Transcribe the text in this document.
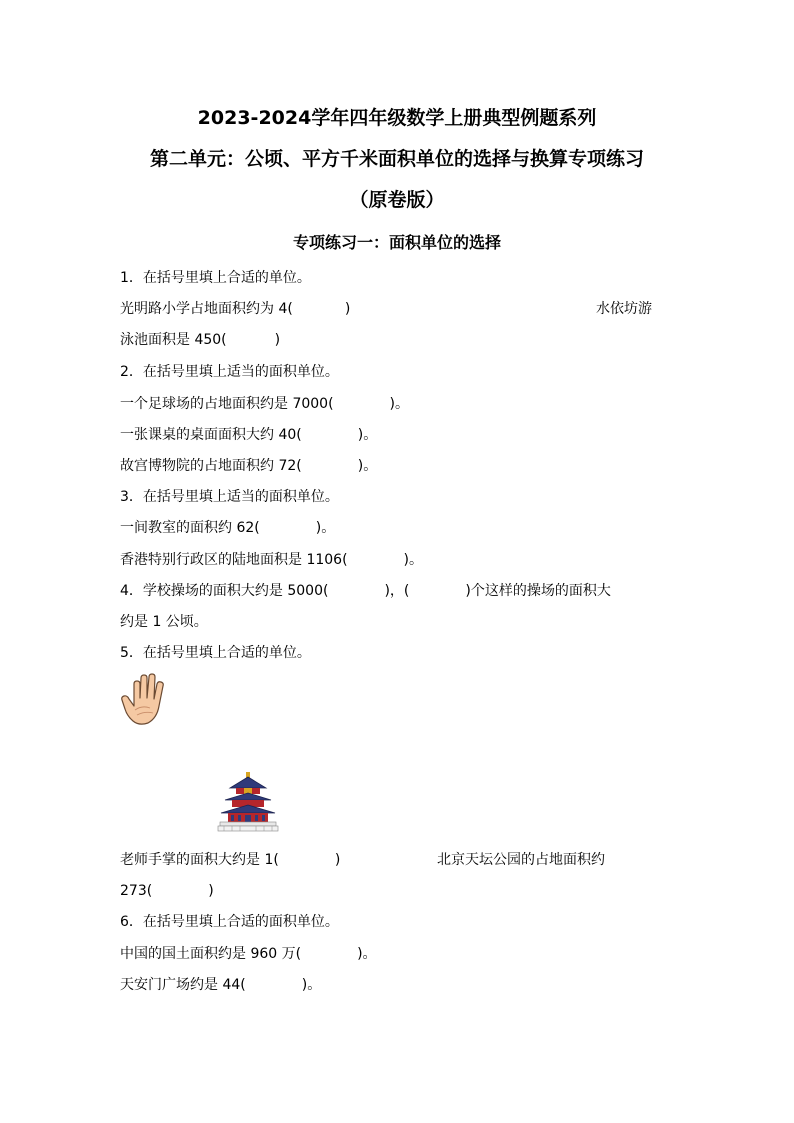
2023-2024学年四年级数学上册典型例题系列
第二单元：公顷、平方千米面积单位的选择与换算专项练习
（原卷版）
专项练习一：面积单位的选择
1．在括号里填上合适的单位。
光明路小学占地面积约为 4(	)	水依坊游
泳池面积是 450(	)
2．在括号里填上适当的面积单位。
一个足球场的占地面积约是 7000(	)。
一张课桌的桌面面积大约 40(	)。
故宫博物院的占地面积约 72(	)。
3．在括号里填上适当的面积单位。
一间教室的面积约 62(	)。
香港特别行政区的陆地面积是 1106(	)。
4．学校操场的面积大约是 5000(	)，(	)个这样的操场的面积大
约是 1 公顷。
5．在括号里填上合适的单位。
老师手掌的面积大约是 1(	)	北京天坛公园的占地面积约
273(	)
6．在括号里填上合适的面积单位。
中国的国土面积约是 960 万(	)。
天安门广场约是 44(	)。
